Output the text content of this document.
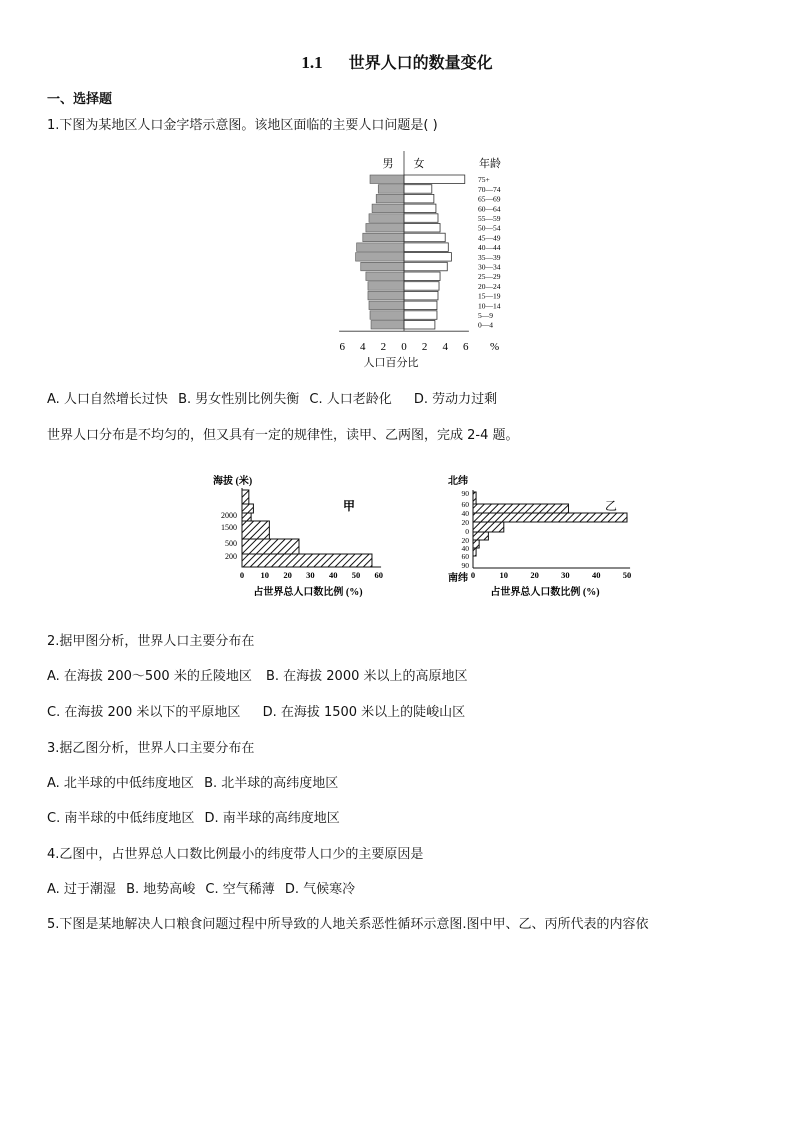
1.1 世界人口的数量变化
一、选择题
1.下图为某地区人口金字塔示意图。该地区面临的主要人口问题是( )
0—4
5—9
10—14
15—19
20—24
25—29
30—34
35—39
40—44
45—49
50—54
55—59
60—64
65—69
70—74
75+
6 4 2 0 2 4 6 %
男 女	年龄
人口百分比
A. 人口自然增长过快 B. 男女性别比例失衡 C. 人口老龄化 D. 劳动力过剩
世界人口分布是不均匀的，但又具有一定的规律性，读甲、乙两图，完成 2-4 题。
海拔 (米)
甲
2000
1500
500
200
0 10 20 30 40 50 60
占世界总人口数比例 (%)
北纬
南纬
乙
90
60
40
20
0
20
40
60
90
0	10	20	30	40	50
占世界总人口数比例 (%)
2.据甲图分析，世界人口主要分布在
A. 在海拔 200～500 米的丘陵地区 B. 在海拔 2000 米以上的高原地区
C. 在海拔 200 米以下的平原地区 D. 在海拔 1500 米以上的陡峻山区
3.据乙图分析，世界人口主要分布在
A. 北半球的中低纬度地区 B. 北半球的高纬度地区
C. 南半球的中低纬度地区 D. 南半球的高纬度地区
4.乙图中，占世界总人口数比例最小的纬度带人口少的主要原因是
A. 过于潮湿 B. 地势高峻 C. 空气稀薄 D. 气候寒冷
5.下图是某地解决人口粮食问题过程中所导致的人地关系恶性循环示意图.图中甲、乙、丙所代表的内容依
